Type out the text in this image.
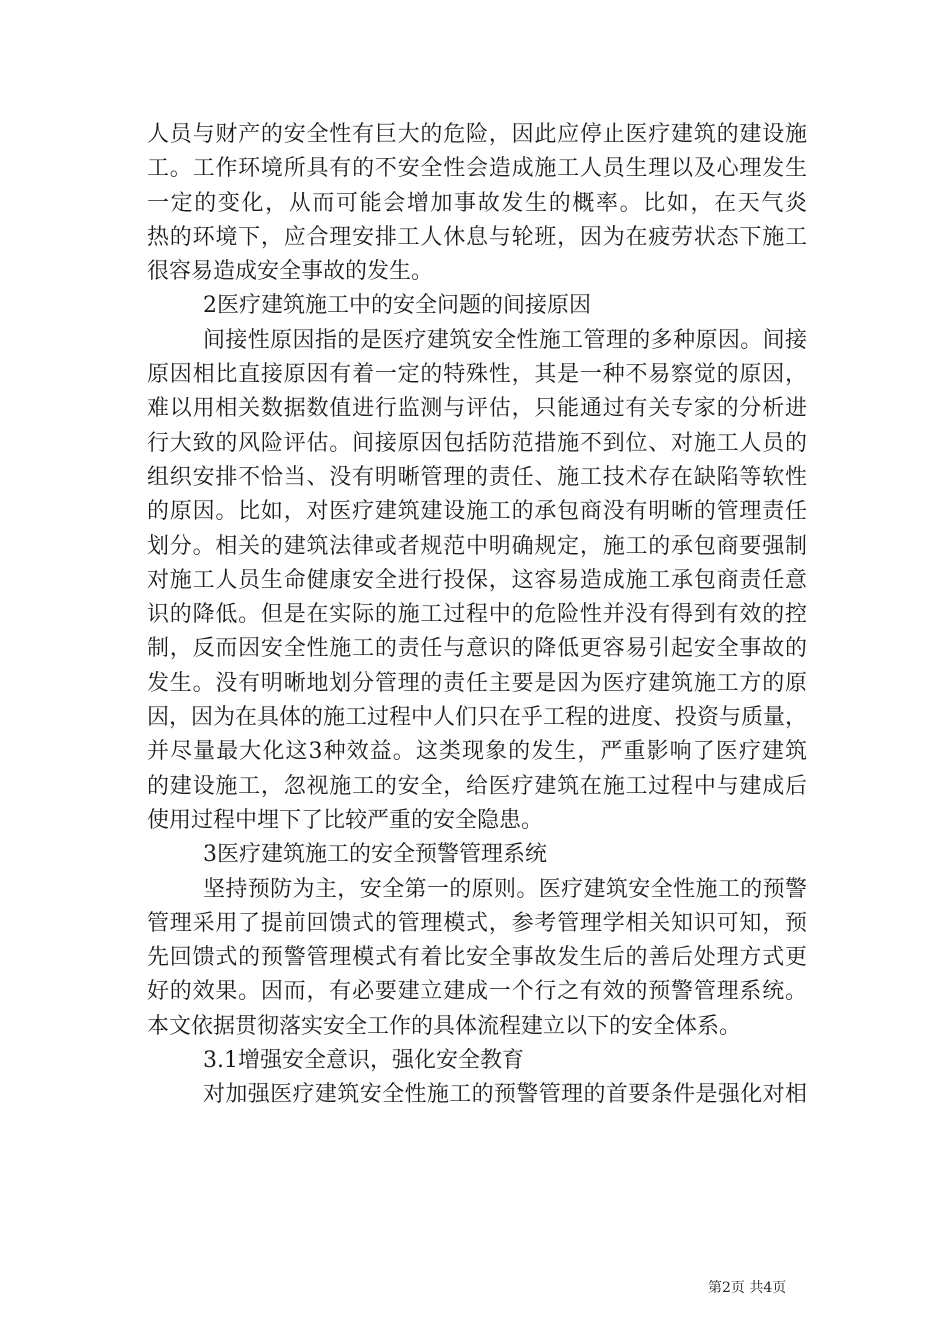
人员与财产的安全性有巨大的危险，因此应停止医疗建筑的建设施

工。工作环境所具有的不安全性会造成施工人员生理以及心理发生

一定的变化，从而可能会增加事故发生的概率。比如，在天气炎

热的环境下，应合理安排工人休息与轮班，因为在疲劳状态下施工

很容易造成安全事故的发生。

2医疗建筑施工中的安全问题的间接原因

间接性原因指的是医疗建筑安全性施工管理的多种原因。间接

原因相比直接原因有着一定的特殊性，其是一种不易察觉的原因，

难以用相关数据数值进行监测与评估，只能通过有关专家的分析进

行大致的风险评估。间接原因包括防范措施不到位、对施工人员的

组织安排不恰当、没有明晰管理的责任、施工技术存在缺陷等软性

的原因。比如，对医疗建筑建设施工的承包商没有明晰的管理责任

划分。相关的建筑法律或者规范中明确规定，施工的承包商要强制

对施工人员生命健康安全进行投保，这容易造成施工承包商责任意

识的降低。但是在实际的施工过程中的危险性并没有得到有效的控

制，反而因安全性施工的责任与意识的降低更容易引起安全事故的

发生。没有明晰地划分管理的责任主要是因为医疗建筑施工方的原

因，因为在具体的施工过程中人们只在乎工程的进度、投资与质量，

并尽量最大化这3种效益。这类现象的发生，严重影响了医疗建筑

的建设施工，忽视施工的安全，给医疗建筑在施工过程中与建成后

使用过程中埋下了比较严重的安全隐患。

3医疗建筑施工的安全预警管理系统

坚持预防为主，安全第一的原则。医疗建筑安全性施工的预警

管理采用了提前回馈式的管理模式，参考管理学相关知识可知，预

先回馈式的预警管理模式有着比安全事故发生后的善后处理方式更

好的效果。因而，有必要建立建成一个行之有效的预警管理系统。

本文依据贯彻落实安全工作的具体流程建立以下的安全体系。

3.1增强安全意识，强化安全教育

对加强医疗建筑安全性施工的预警管理的首要条件是强化对相

第2页 共4页
